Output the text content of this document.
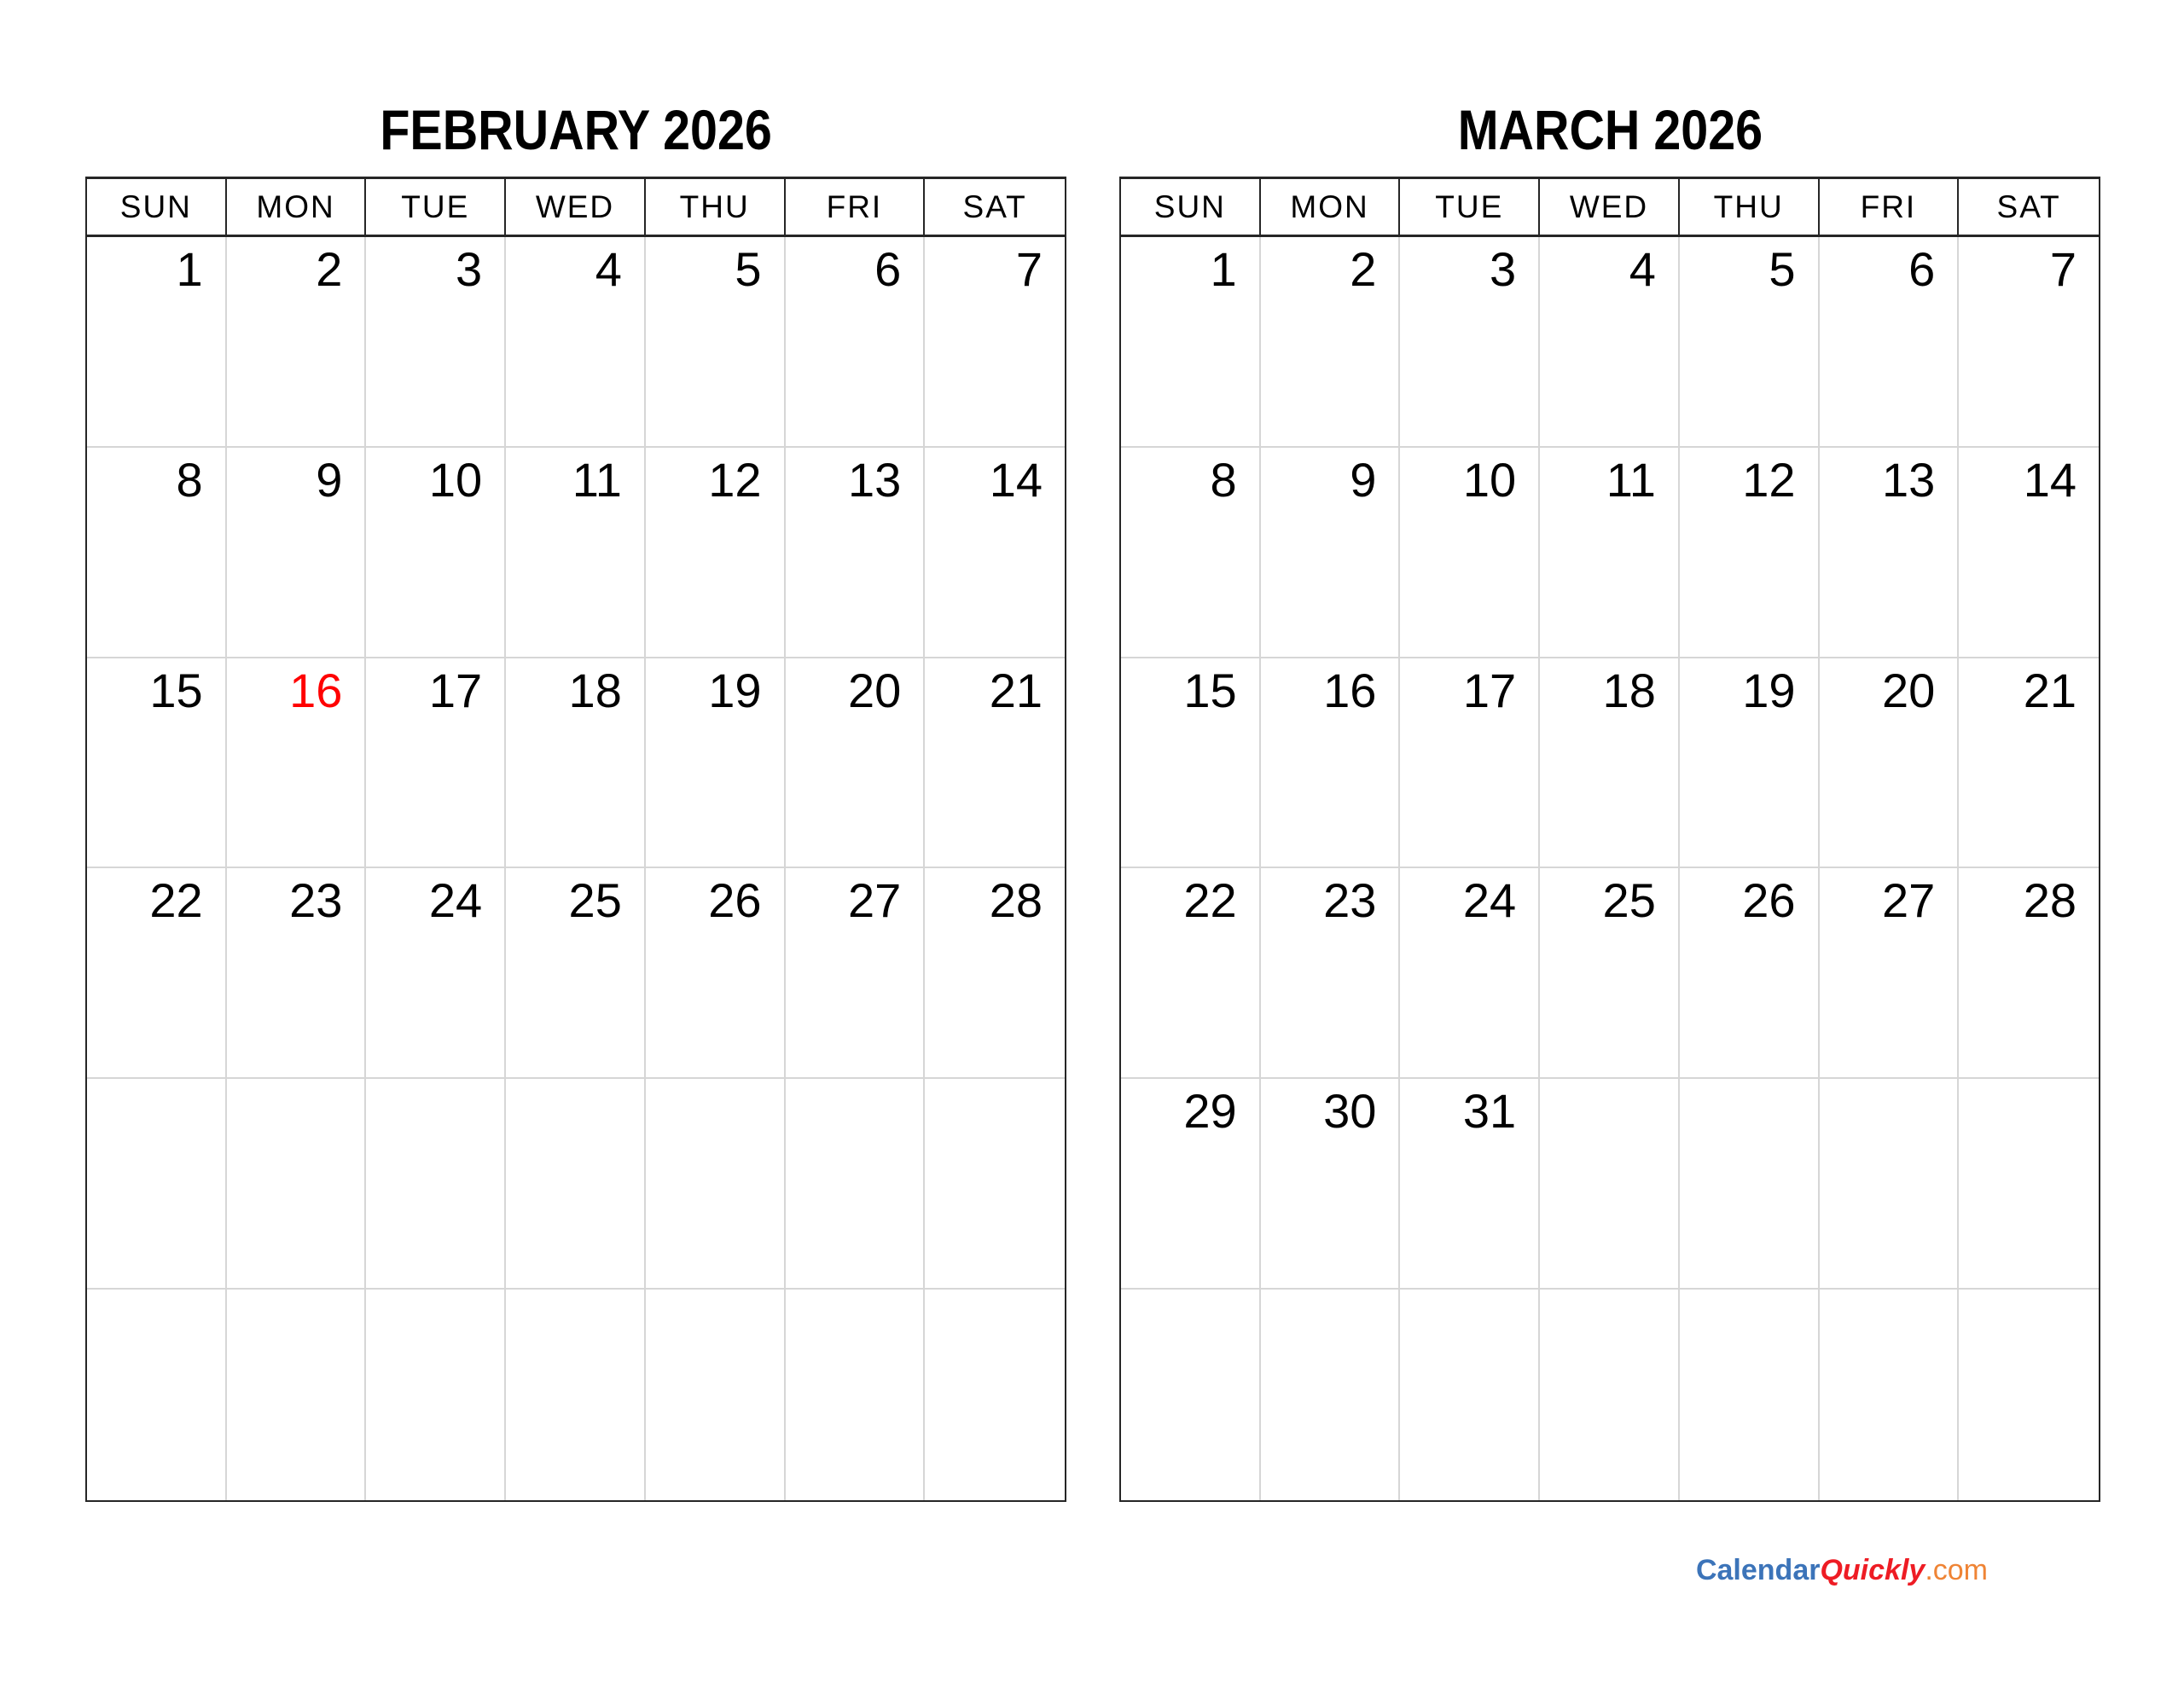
FEBRUARY 2026	MARCH 2026
SUN	MON	TUE	WED	THU	FRI	SAT
1	2	3	4	5	6	7
8	9	10	11	12	13	14
15	16	17	18	19	20	21
22	23	24	25	26	27	28
SUN	MON	TUE	WED	THU	FRI	SAT
1	2	3	4	5	6	7
8	9	10	11	12	13	14
15	16	17	18	19	20	21
22	23	24	25	26	27	28
29	30	31
CalendarQuickly.com
